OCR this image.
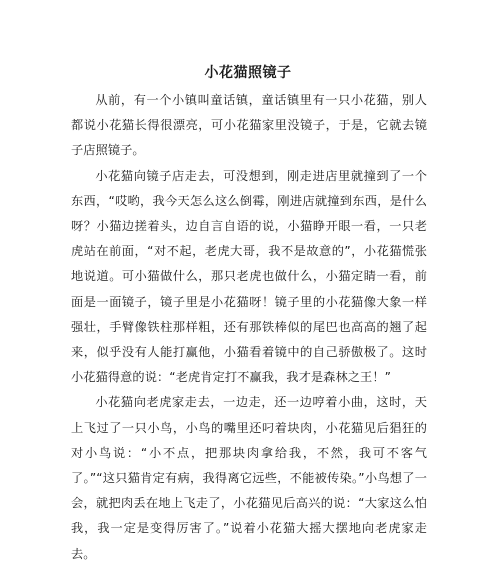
小花猫照镜子

从前，有一个小镇叫童话镇，童话镇里有一只小花猫，别人都说小花猫长得很漂亮，可小花猫家里没镜子，于是，它就去镜子店照镜子。

小花猫向镜子店走去，可没想到，刚走进店里就撞到了一个东西，“哎哟，我今天怎么这么倒霉，刚进店就撞到东西，是什么呀？小猫边搓着头，边自言自语的说，小猫睁开眼一看，一只老虎站在前面，“对不起，老虎大哥，我不是故意的”，小花猫慌张地说道。可小猫做什么，那只老虎也做什么，小猫定睛一看，前面是一面镜子，镜子里是小花猫呀！镜子里的小花猫像大象一样强壮，手臂像铁柱那样粗，还有那铁棒似的尾巴也高高的翘了起来，似乎没有人能打赢他，小猫看着镜中的自己骄傲极了。这时小花猫得意的说：“老虎肯定打不赢我，我才是森林之王！”

小花猫向老虎家走去，一边走，还一边哼着小曲，这时，天上飞过了一只小鸟，小鸟的嘴里还叼着块肉，小花猫见后猖狂的对小鸟说：“小不点，把那块肉拿给我，不然，我可不客气了。”“这只猫肯定有病，我得离它远些，不能被传染。”小鸟想了一会，就把肉丢在地上飞走了，小花猫见后高兴的说：“大家这么怕我，我一定是变得厉害了。”说着小花猫大摇大摆地向老虎家走去。
